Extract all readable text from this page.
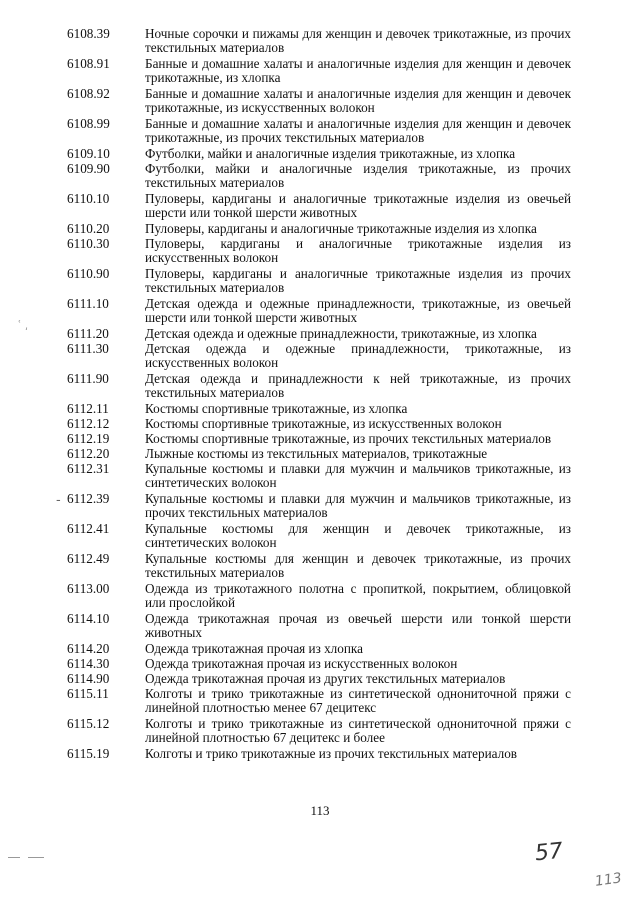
6108.39	Ночные сорочки и пижамы для женщин и девочек трикотажные, из прочих текстильных материалов
6108.91	Банные и домашние халаты и аналогичные изделия для женщин и девочек трикотажные, из хлопка
6108.92	Банные и домашние халаты и аналогичные изделия для женщин и девочек трикотажные, из искусственных волокон
6108.99	Банные и домашние халаты и аналогичные изделия для женщин и девочек трикотажные, из прочих текстильных материалов
6109.10	Футболки, майки и аналогичные изделия трикотажные, из хлопка
6109.90	Футболки, майки и аналогичные изделия трикотажные, из прочих текстильных материалов
6110.10	Пуловеры, кардиганы и аналогичные трикотажные изделия из овечьей шерсти или тонкой шерсти животных
6110.20	Пуловеры, кардиганы и аналогичные трикотажные изделия из хлопка
6110.30	Пуловеры, кардиганы и аналогичные трикотажные изделия из искусственных волокон
6110.90	Пуловеры, кардиганы и аналогичные трикотажные изделия из прочих текстильных материалов
6111.10	Детская одежда и одежные принадлежности, трикотажные, из овечьей шерсти или тонкой шерсти животных
6111.20	Детская одежда и одежные принадлежности, трикотажные, из хлопка
6111.30	Детская одежда и одежные принадлежности, трикотажные, из искусственных волокон
6111.90	Детская одежда и принадлежности к ней трикотажные, из прочих текстильных материалов
6112.11	Костюмы спортивные трикотажные, из хлопка
6112.12	Костюмы спортивные трикотажные, из искусственных волокон
6112.19	Костюмы спортивные трикотажные, из прочих текстильных материалов
6112.20	Лыжные костюмы из текстильных материалов, трикотажные
6112.31	Купальные костюмы и плавки для мужчин и мальчиков трикотажные, из синтетических волокон
6112.39	Купальные костюмы и плавки для мужчин и мальчиков трикотажные, из прочих текстильных материалов
6112.41	Купальные костюмы для женщин и девочек трикотажные, из синтетических волокон
6112.49	Купальные костюмы для женщин и девочек трикотажные, из прочих текстильных материалов
6113.00	Одежда из трикотажного полотна с пропиткой, покрытием, облицовкой или прослойкой
6114.10	Одежда трикотажная прочая из овечьей шерсти или тонкой шерсти животных
6114.20	Одежда трикотажная прочая из хлопка
6114.30	Одежда трикотажная прочая из искусственных волокон
6114.90	Одежда трикотажная прочая из других текстильных материалов
6115.11	Колготы и трико трикотажные из синтетической однониточной пряжи с линейной плотностью менее 67 децитекс
6115.12	Колготы и трико трикотажные из синтетической однониточной пряжи с линейной плотностью 67 децитекс и более
6115.19	Колготы и трико трикотажные из прочих текстильных материалов
113
57
113
ʿ ͵
-
